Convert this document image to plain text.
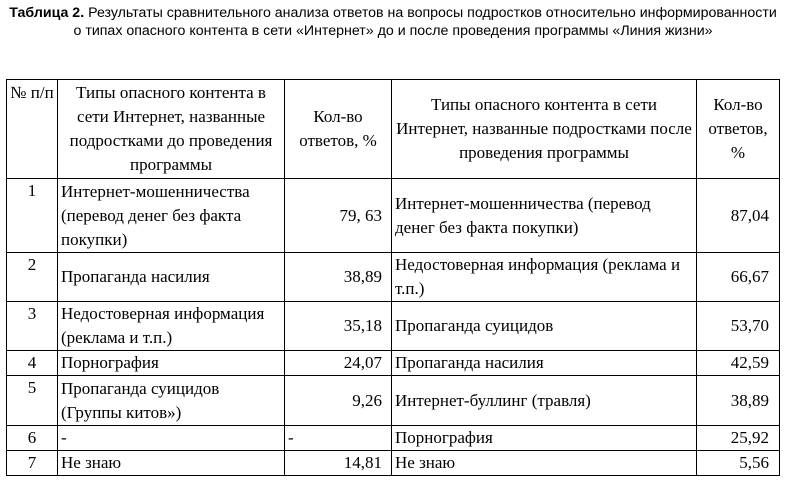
Таблица 2. Результаты сравнительного анализа ответов на вопросы подростков относительно информированности о типах опасного контента в сети «Интернет» до и после проведения программы «Линия жизни»
№ п/п	Типы опасного контента в сети Интернет, названные подростками до проведения программы	Кол-во ответов, %	Типы опасного контента в сети Интернет, названные подростками после проведения программы	Кол-во ответов, %
1	Интернет-мошенничества (перевод денег без факта покупки)	79, 63	Интернет-мошенничества (перевод денег без факта покупки)	87,04
2	Пропаганда насилия	38,89	Недостоверная информация (реклама и т.п.)	66,67
3	Недостоверная информация (реклама и т.п.)	35,18	Пропаганда суицидов	53,70
4	Порнография	24,07	Пропаганда насилия	42,59
5	Пропаганда суицидов (Группы китов»)	9,26	Интернет-буллинг (травля)	38,89
6	-	-	Порнография	25,92
7	Не знаю	14,81	Не знаю	5,56
